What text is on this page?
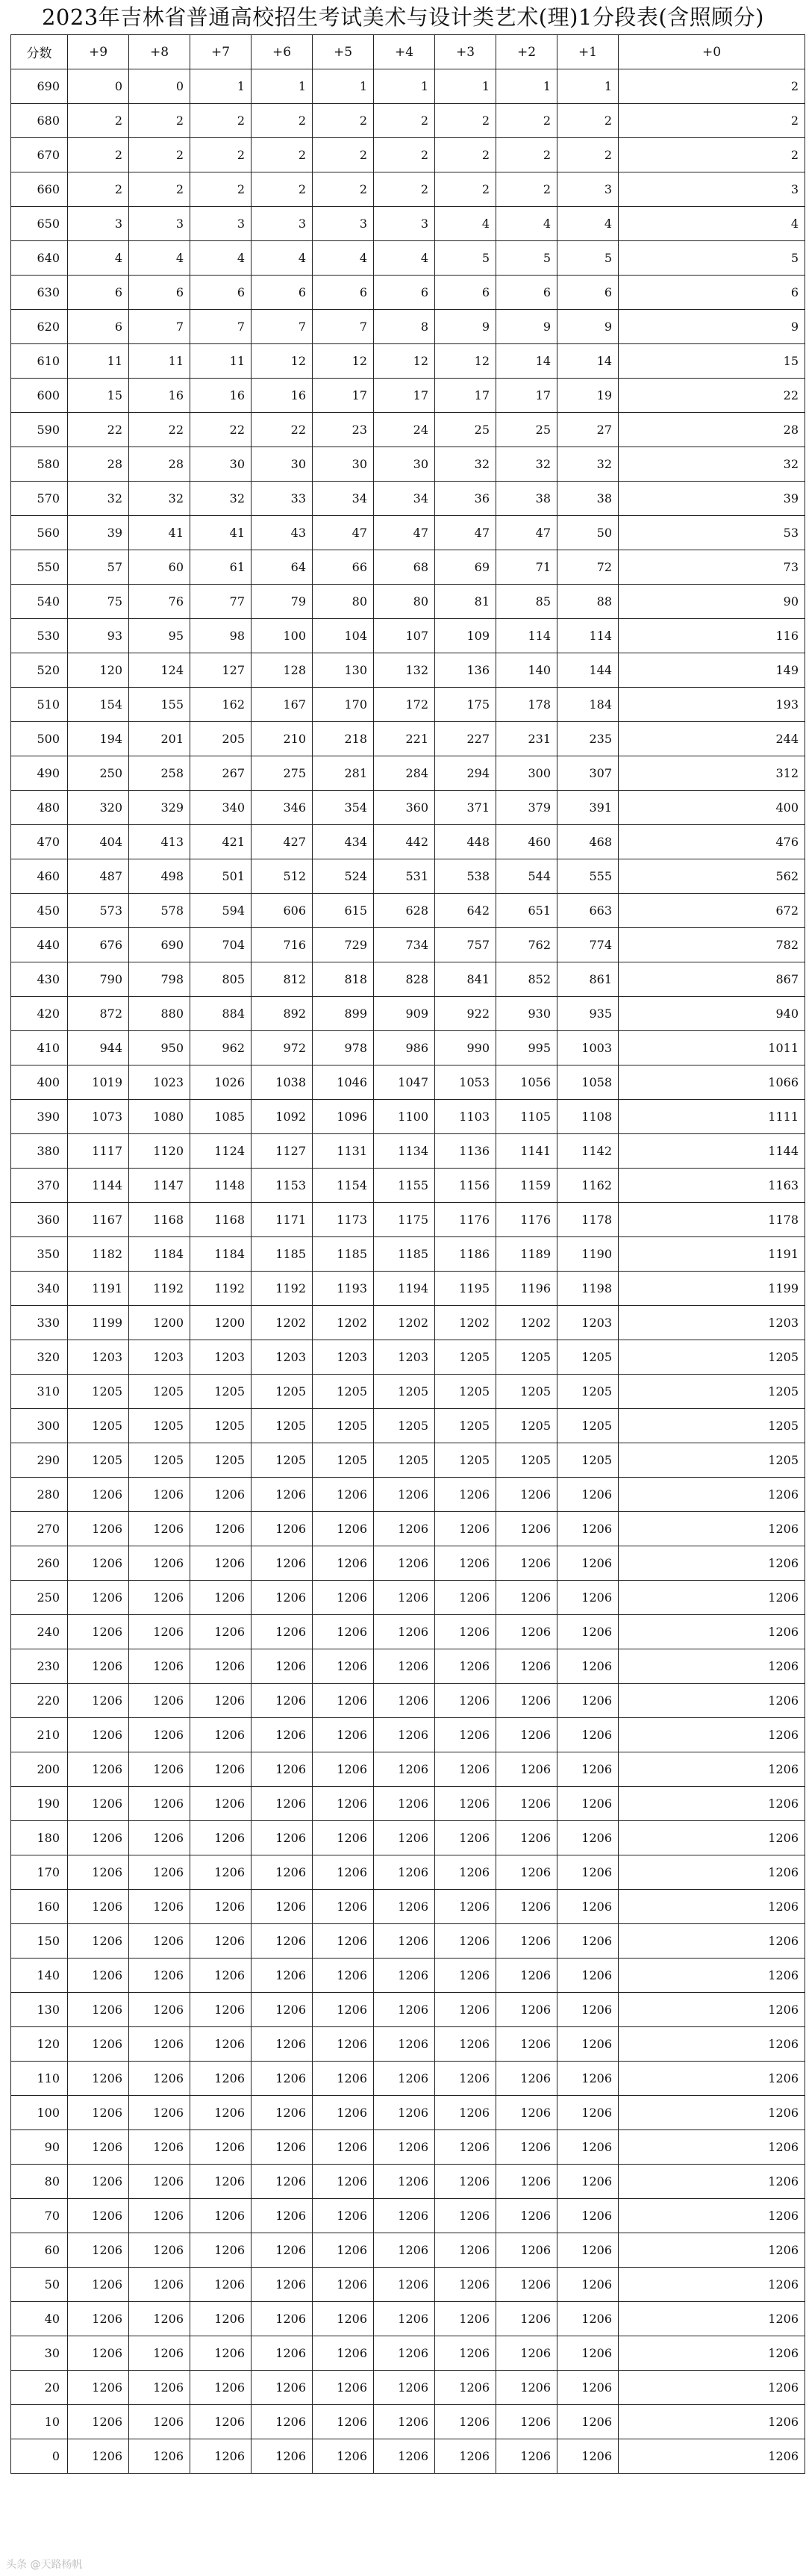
2023年吉林省普通高校招生考试美术与设计类艺术(理)1分段表(含照顾分)
分数	+9	+8	+7	+6	+5	+4	+3	+2	+1	+0
690	0	0	1	1	1	1	1	1	1	2
680	2	2	2	2	2	2	2	2	2	2
670	2	2	2	2	2	2	2	2	2	2
660	2	2	2	2	2	2	2	2	3	3
650	3	3	3	3	3	3	4	4	4	4
640	4	4	4	4	4	4	5	5	5	5
630	6	6	6	6	6	6	6	6	6	6
620	6	7	7	7	7	8	9	9	9	9
610	11	11	11	12	12	12	12	14	14	15
600	15	16	16	16	17	17	17	17	19	22
590	22	22	22	22	23	24	25	25	27	28
580	28	28	30	30	30	30	32	32	32	32
570	32	32	32	33	34	34	36	38	38	39
560	39	41	41	43	47	47	47	47	50	53
550	57	60	61	64	66	68	69	71	72	73
540	75	76	77	79	80	80	81	85	88	90
530	93	95	98	100	104	107	109	114	114	116
520	120	124	127	128	130	132	136	140	144	149
510	154	155	162	167	170	172	175	178	184	193
500	194	201	205	210	218	221	227	231	235	244
490	250	258	267	275	281	284	294	300	307	312
480	320	329	340	346	354	360	371	379	391	400
470	404	413	421	427	434	442	448	460	468	476
460	487	498	501	512	524	531	538	544	555	562
450	573	578	594	606	615	628	642	651	663	672
440	676	690	704	716	729	734	757	762	774	782
430	790	798	805	812	818	828	841	852	861	867
420	872	880	884	892	899	909	922	930	935	940
410	944	950	962	972	978	986	990	995	1003	1011
400	1019	1023	1026	1038	1046	1047	1053	1056	1058	1066
390	1073	1080	1085	1092	1096	1100	1103	1105	1108	1111
380	1117	1120	1124	1127	1131	1134	1136	1141	1142	1144
370	1144	1147	1148	1153	1154	1155	1156	1159	1162	1163
360	1167	1168	1168	1171	1173	1175	1176	1176	1178	1178
350	1182	1184	1184	1185	1185	1185	1186	1189	1190	1191
340	1191	1192	1192	1192	1193	1194	1195	1196	1198	1199
330	1199	1200	1200	1202	1202	1202	1202	1202	1203	1203
320	1203	1203	1203	1203	1203	1203	1205	1205	1205	1205
310	1205	1205	1205	1205	1205	1205	1205	1205	1205	1205
300	1205	1205	1205	1205	1205	1205	1205	1205	1205	1205
290	1205	1205	1205	1205	1205	1205	1205	1205	1205	1205
280	1206	1206	1206	1206	1206	1206	1206	1206	1206	1206
270	1206	1206	1206	1206	1206	1206	1206	1206	1206	1206
260	1206	1206	1206	1206	1206	1206	1206	1206	1206	1206
250	1206	1206	1206	1206	1206	1206	1206	1206	1206	1206
240	1206	1206	1206	1206	1206	1206	1206	1206	1206	1206
230	1206	1206	1206	1206	1206	1206	1206	1206	1206	1206
220	1206	1206	1206	1206	1206	1206	1206	1206	1206	1206
210	1206	1206	1206	1206	1206	1206	1206	1206	1206	1206
200	1206	1206	1206	1206	1206	1206	1206	1206	1206	1206
190	1206	1206	1206	1206	1206	1206	1206	1206	1206	1206
180	1206	1206	1206	1206	1206	1206	1206	1206	1206	1206
170	1206	1206	1206	1206	1206	1206	1206	1206	1206	1206
160	1206	1206	1206	1206	1206	1206	1206	1206	1206	1206
150	1206	1206	1206	1206	1206	1206	1206	1206	1206	1206
140	1206	1206	1206	1206	1206	1206	1206	1206	1206	1206
130	1206	1206	1206	1206	1206	1206	1206	1206	1206	1206
120	1206	1206	1206	1206	1206	1206	1206	1206	1206	1206
110	1206	1206	1206	1206	1206	1206	1206	1206	1206	1206
100	1206	1206	1206	1206	1206	1206	1206	1206	1206	1206
90	1206	1206	1206	1206	1206	1206	1206	1206	1206	1206
80	1206	1206	1206	1206	1206	1206	1206	1206	1206	1206
70	1206	1206	1206	1206	1206	1206	1206	1206	1206	1206
60	1206	1206	1206	1206	1206	1206	1206	1206	1206	1206
50	1206	1206	1206	1206	1206	1206	1206	1206	1206	1206
40	1206	1206	1206	1206	1206	1206	1206	1206	1206	1206
30	1206	1206	1206	1206	1206	1206	1206	1206	1206	1206
20	1206	1206	1206	1206	1206	1206	1206	1206	1206	1206
10	1206	1206	1206	1206	1206	1206	1206	1206	1206	1206
0	1206	1206	1206	1206	1206	1206	1206	1206	1206	1206
头条 @天路杨帆
